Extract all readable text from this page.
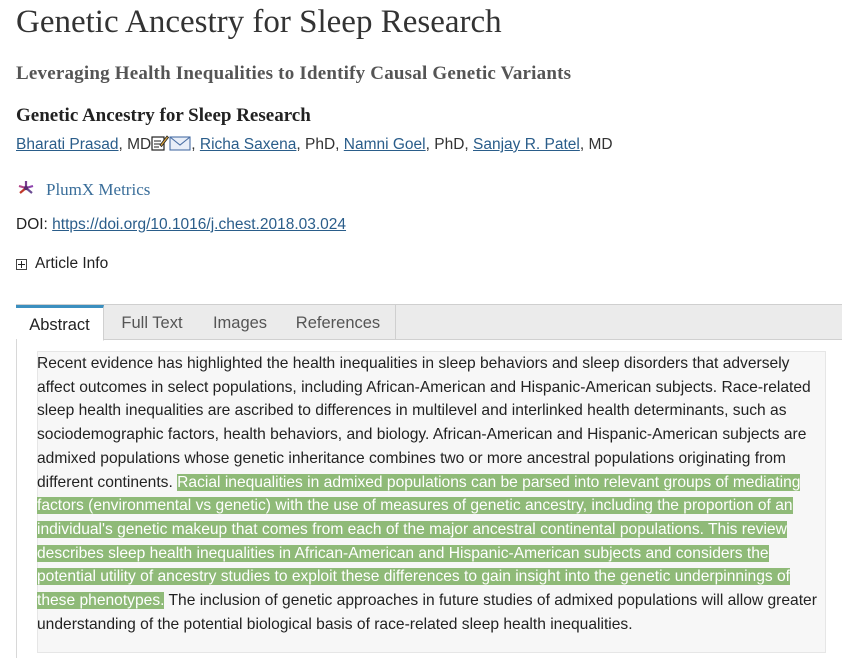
Genetic Ancestry for Sleep Research
Leveraging Health Inequalities to Identify Causal Genetic Variants
Genetic Ancestry for Sleep Research
Bharati Prasad, MD	, Richa Saxena, PhD, Namni Goel, PhD, Sanjay R. Patel, MD
PlumX Metrics
DOI: https://doi.org/10.1016/j.chest.2018.03.024
Article Info
Abstract	Full Text	Images	References

Recent evidence has highlighted the health inequalities in sleep behaviors and sleep disorders that adversely affect outcomes in select populations, including African-American and Hispanic-American subjects. Race-related sleep health inequalities are ascribed to differences in multilevel and interlinked health determinants, such as sociodemographic factors, health behaviors, and biology. African-American and Hispanic-American subjects are admixed populations whose genetic inheritance combines two or more ancestral populations originating from different continents. Racial inequalities in admixed populations can be parsed into relevant groups of mediating factors (environmental vs genetic) with the use of measures of genetic ancestry, including the proportion of an individual's genetic makeup that comes from each of the major ancestral continental populations. This review describes sleep health inequalities in African-American and Hispanic-American subjects and considers the potential utility of ancestry studies to exploit these differences to gain insight into the genetic underpinnings of these phenotypes. The inclusion of genetic approaches in future studies of admixed populations will allow greater understanding of the potential biological basis of race-related sleep health inequalities.
